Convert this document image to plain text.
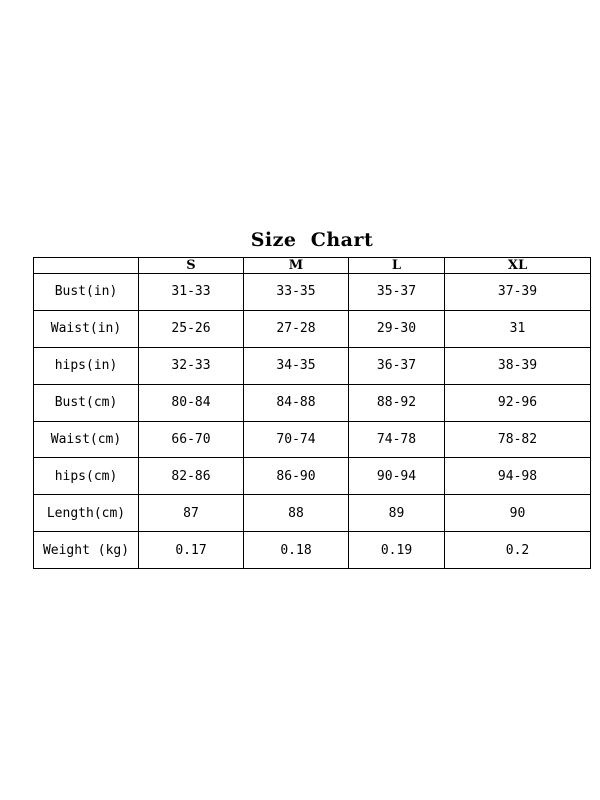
Size  Chart
	S	M	L	XL
Bust(in)	31-33	33-35	35-37	37-39
Waist(in)	25-26	27-28	29-30	31
hips(in)	32-33	34-35	36-37	38-39
Bust(cm)	80-84	84-88	88-92	92-96
Waist(cm)	66-70	70-74	74-78	78-82
hips(cm)	82-86	86-90	90-94	94-98
Length(cm)	87	88	89	90
Weight (kg)	0.17	0.18	0.19	0.2
